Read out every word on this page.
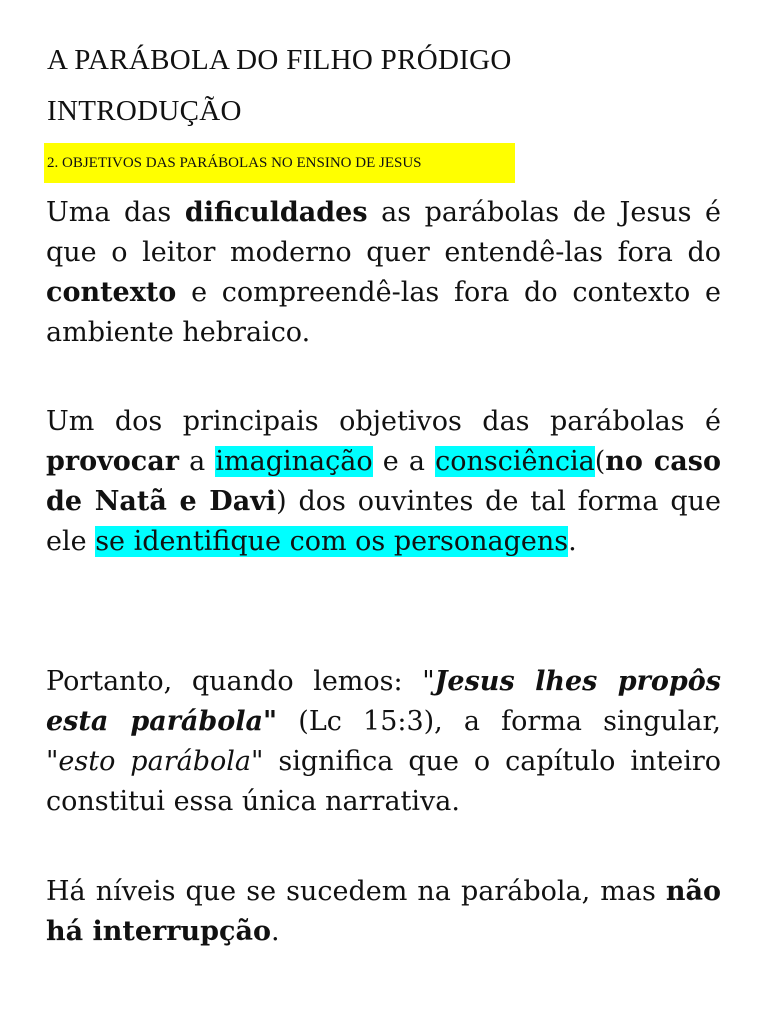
A PARÁBOLA DO FILHO PRÓDIGO
INTRODUÇÃO
2. OBJETIVOS DAS PARÁBOLAS NO ENSINO DE JESUS

Uma das dificuldades as parábolas de Jesus é que o leitor moderno quer entendê-las fora do contexto e compreendê-las fora do contexto e ambiente hebraico.

Um dos principais objetivos das parábolas é provocar a imaginação e a consciência(no caso de Natã e Davi) dos ouvintes de tal forma que ele se identifique com os personagens.

Portanto, quando lemos: "Jesus lhes propôs esta parábola" (Lc 15:3), a forma singular, "esto parábola" significa que o capítulo inteiro constitui essa única narrativa.

Há níveis que se sucedem na parábola, mas não há interrupção.
